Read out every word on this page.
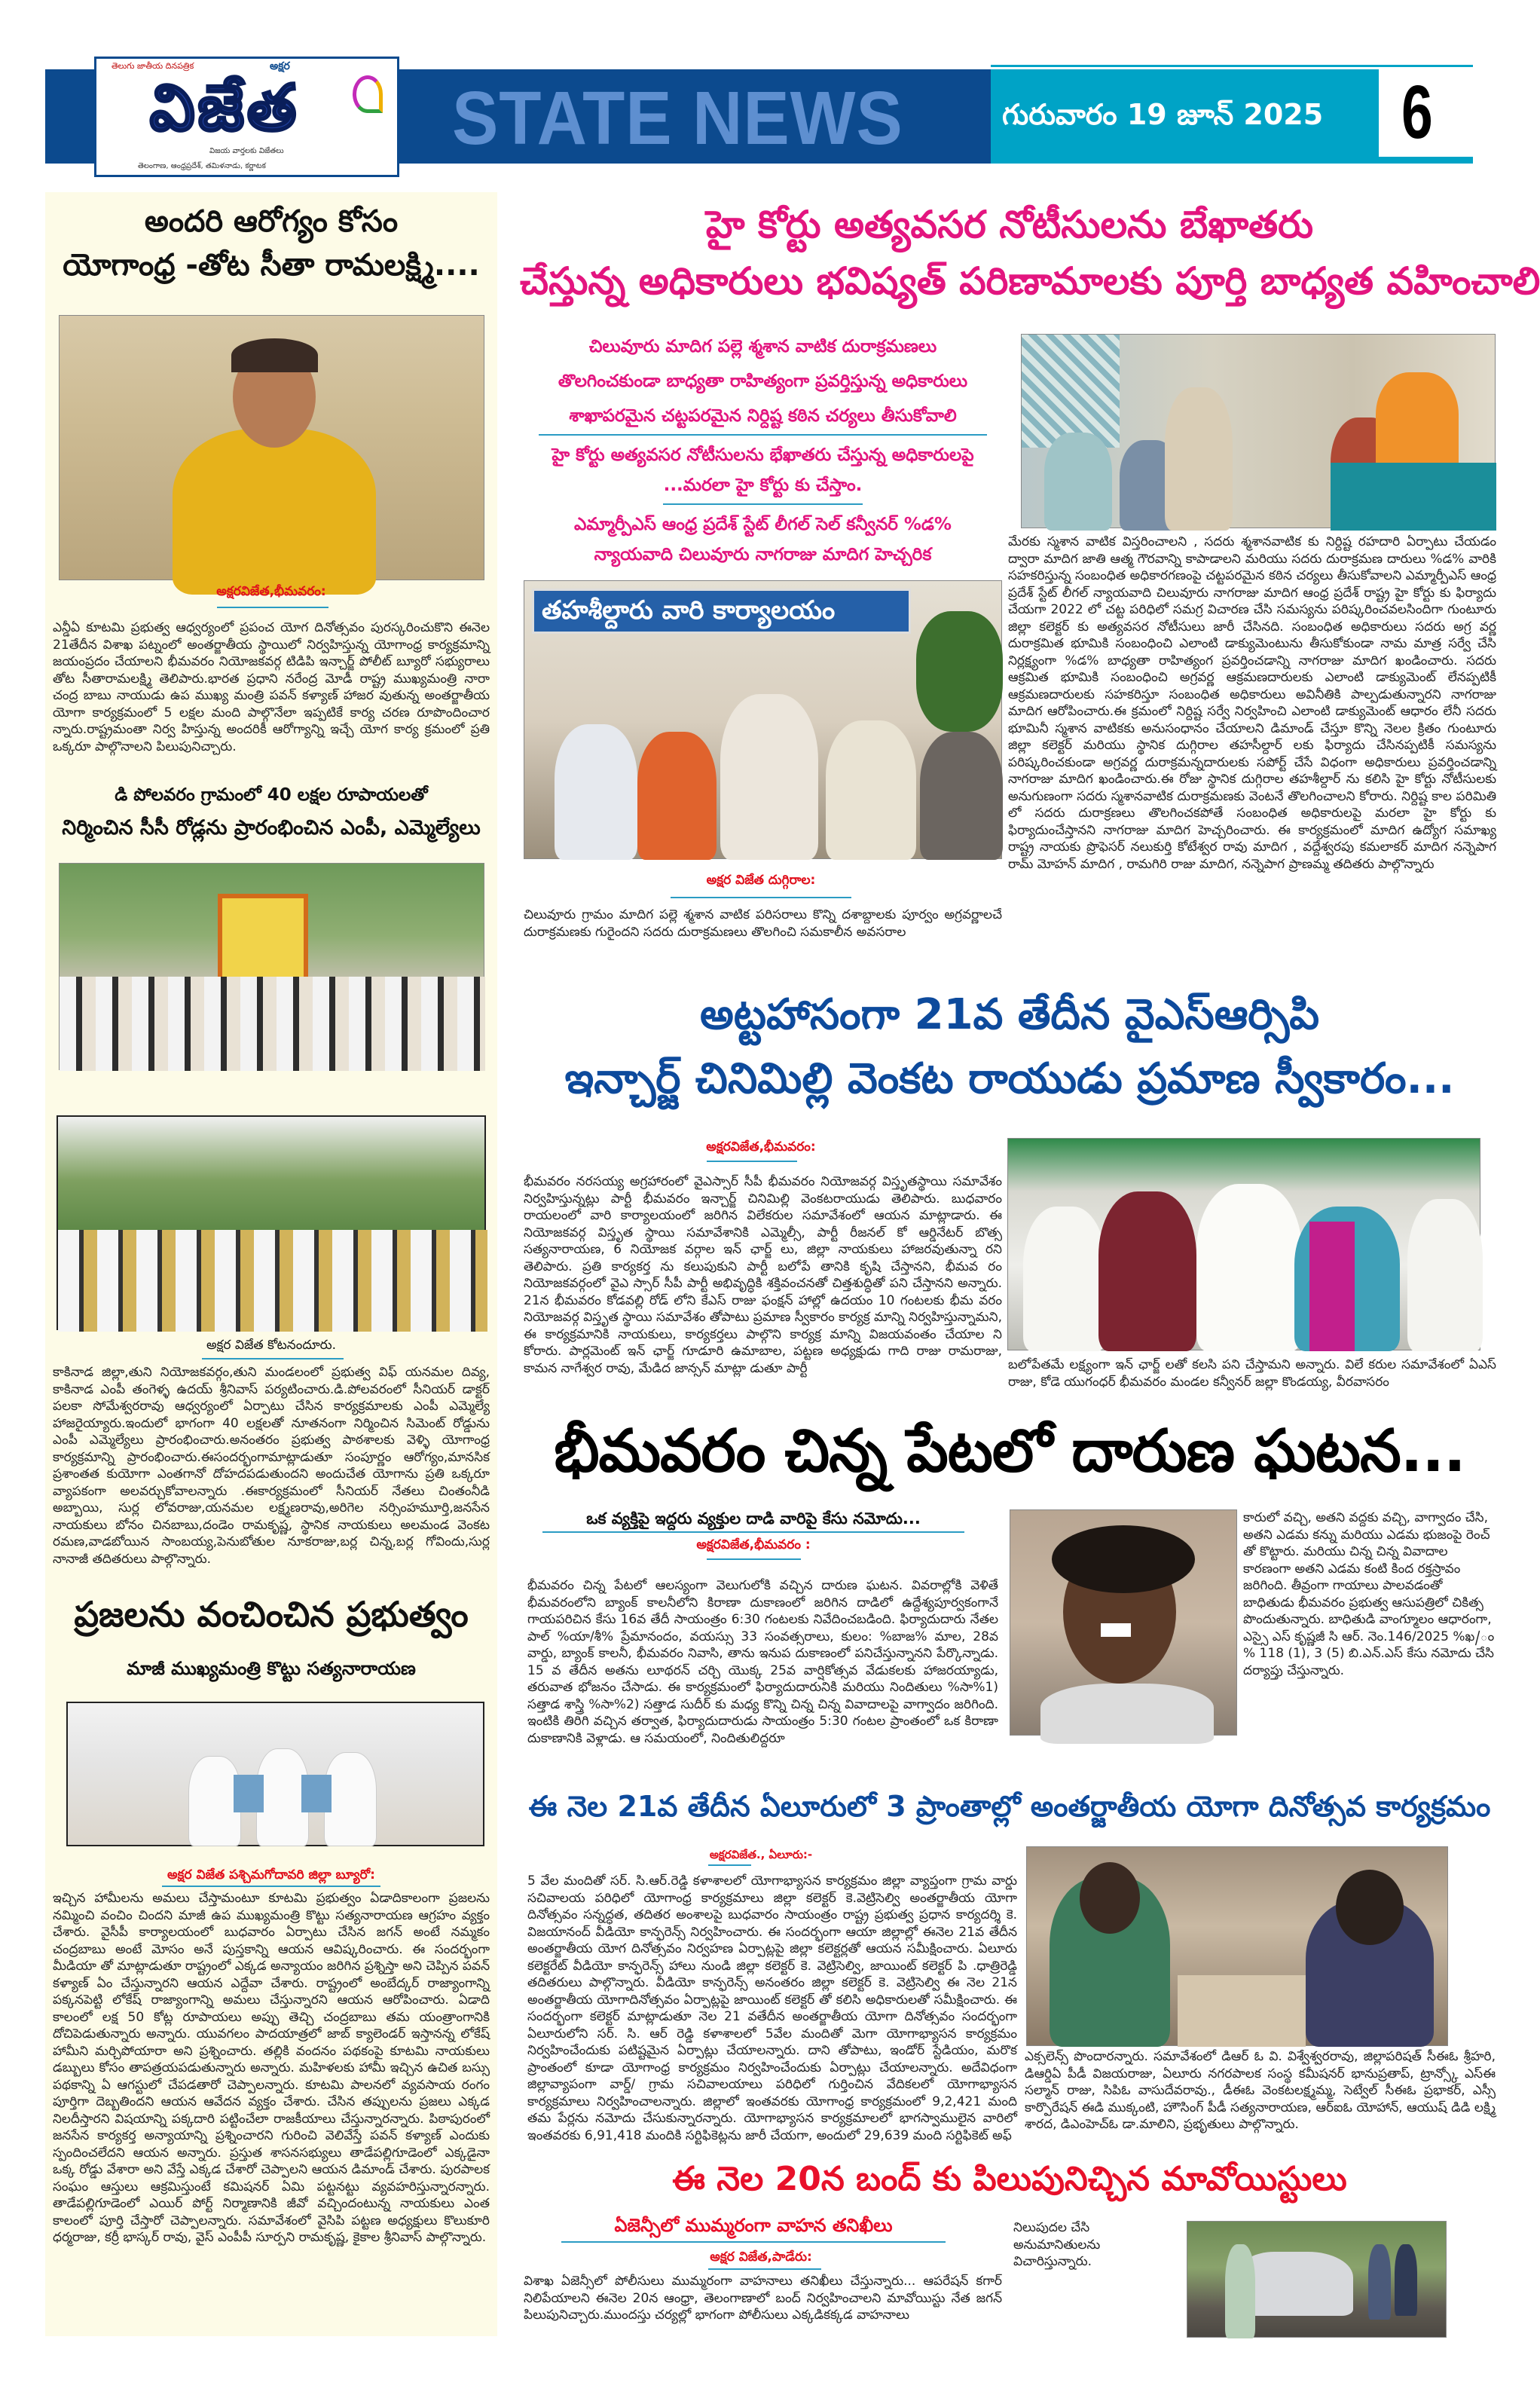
తెలుగు జాతీయ దినపత్రిక	అక్షర
విజేత
విజయ వార్తలకు విజేతలు
తెలంగాణ, ఆంధ్రప్రదేశ్, తమిళనాడు, కర్ణాటక
STATE NEWS	గురువారం 19 జూన్ 2025 6
అందరి ఆరోగ్యం కోసం
యోగాంధ్ర -తోట సీతా రామలక్ష్మి....
అక్షరవిజేత,భీమవరం:
ఎన్డీఏ కూటమి ప్రభుత్వ ఆధ్వర్యంలో ప్రపంచ యోగ దినోత్సవం పురస్కరించుకొని ఈనెల 21తేదీన విశాఖ పట్నంలో అంతర్జాతీయ స్థాయిలో నిర్వహిస్తున్న యోగాంధ్ర కార్యక్రమాన్ని జయంప్రదం చేయాలని భీమవరం నియోజకవర్గ టిడిపి ఇన్చార్జ్ పోలీట్ బ్యూరో సభ్యురాలు తోట సీతారామలక్ష్మి తెలిపారు.భారత ప్రధాని నరేంద్ర మోడీ రాష్ట్ర ముఖ్యమంత్రి నారా చంద్ర బాబు నాయుడు ఉప ముఖ్య మంత్రి పవన్ కళ్యాణ్ హాజర వుతున్న అంతర్జాతీయ యోగా కార్యక్రమంలో 5 లక్షల మంది పాల్గొనేలా ఇప్పటికే కార్య చరణ రూపొందించార న్నారు.రాష్ట్రమంతా నిర్వ హిస్తున్న అందరికీ ఆరోగ్యాన్ని ఇచ్చే యోగ కార్య క్రమంలో ప్రతి ఒక్కరూ పాల్గొనాలని పిలుపునిచ్చారు.
డి పోలవరం గ్రామంలో 40 లక్షల రూపాయలతో
నిర్మించిన సీసీ రోడ్లను ప్రారంభించిన ఎంపీ, ఎమ్మెల్యేలు
అక్షర విజేత కోటనందూరు.
కాకినాడ జిల్లా,తుని నియోజకవర్గం,తుని మండలంలో ప్రభుత్వ విఫ్ యనమల దివ్య, కాకినాడ ఎంపీ తంగెళ్ళ ఉదయ్ శ్రీనివాస్ పర్యటించారు.డి.పోలవరంలో సీనియర్ డాక్టర్ పలకా సోమేశ్వరరావు ఆధ్వర్యంలో ఏర్పాటు చేసిన కార్యక్రమాలకు ఎంపీ ఎమ్మెల్యే హాజరైయ్యారు.ఇందులో భాగంగా 40 లక్షలతో నూతనంగా నిర్మించిన సిమెంట్ రోడ్డును ఎంపీ ఎమ్మెల్యేలు ప్రారంభించారు.అనంతరం ప్రభుత్వ పాఠశాలకు వెళ్ళి యోగాంధ్ర కార్యక్రమాన్ని ప్రారంభించారు.ఈసందర్భంగామాట్లాడుతూ సంపూర్ణం ఆరోగ్యం,మానసిక ప్రశాంతత కుయోగా ఎంతగానో దోహదపడుతుందని అందుచేత యోగాను ప్రతి ఒక్కరూ వ్యాపకంగా అలవర్చుకోవాలన్నారు .ఈకార్యక్రమంలో సీనియర్ నేతలు చింతంనీడి అబ్బాయి, సుర్ల లోవరాజు,యనమల లక్ష్మణరావు,అరిగెల నర్సింహమూర్తి,జనసేన నాయకులు బోనం చినబాబు,దండెం రామకృష్ణ, స్థానిక నాయకులు అలమండ వెంకట రమణ,వాడబోయిన సాంబయ్య,పెనుబోతుల నూకరాజు,బర్ల చిన్న,బర్ల గోవిందు,సుర్ల నానాజీ తదితరులు పాల్గొన్నారు.
ప్రజలను వంచించిన ప్రభుత్వం
మాజీ ముఖ్యమంత్రి కొట్టు సత్యనారాయణ
అక్షర విజేత పశ్చిమగోదావరి జిల్లా బ్యూరో:
ఇచ్చిన హామీలను అమలు చేస్తామంటూ కూటమి ప్రభుత్వం ఏడాదికాలంగా ప్రజలను నమ్మించి వంచిం చిందని మాజీ ఉప ముఖ్యమంత్రి కొట్టు సత్యనారాయణ ఆగ్రహం వ్యక్తం చేశారు. వైసీపీ కార్యాలయంలో బుధవారం ఏర్పాటు చేసిన జగన్ అంటే నమ్మకం చంద్రబాబు అంటే మోసం అనే పుస్తకాన్ని ఆయన ఆవిష్కరించారు. ఈ సందర్భంగా మీడియా తో మాట్లాడుతూ రాష్ట్రంలో ఎక్కడ అన్యాయం జరిగిన ప్రశ్నిస్తా అని చెప్పిన పవన్ కళ్యాణ్ ఏం చేస్తున్నారని ఆయన ఎద్దేవా చేశారు. రాష్ట్రంలో అంబేద్కర్ రాజ్యాంగాన్ని పక్కనపెట్టి లోకేష్ రాజ్యాంగాన్ని అమలు చేస్తున్నారని ఆయన ఆరోపించారు. ఏడాది కాలంలో లక్ష 50 కోట్ల రూపాయలు అప్పు తెచ్చి చంద్రబాబు తమ యంత్రాంగానికి దోచిపెడుతున్నారు అన్నారు. యువగలం పాదయాత్రలో జాబ్ క్యాలెండర్ ఇస్తానన్న లోకేష్ హామీని మర్చిపోయారా అని ప్రశ్నించారు. తల్లికి వందనం పథకంపై కూటమి నాయకులు డబ్బులు కోసం తాపత్రయపడుతున్నారు అన్నారు. మహిళలకు హామీ ఇచ్చిన ఉచిత బస్సు పథకాన్ని ఏ ఆగస్టులో చేపడతారో చెప్పాలన్నారు. కూటమి పాలనలో వ్యవసాయ రంగం పూర్తిగా దెబ్బతిందని ఆయన ఆవేదన వ్యక్తం చేశారు. చేసిన తప్పులను ప్రజలు ఎక్కడ నిలదీస్తారని విషయాన్ని పక్కదారి పట్టించేలా రాజకీయాలు చేస్తున్నారన్నారు. పిఠాపురంలో జనసేన కార్యకర్త అన్యాయాన్ని ప్రశ్నించారని గురించి వెలివేస్తే పవన్ కళ్యాణ్ ఎందుకు స్పందించలేదని ఆయన అన్నారు. ప్రస్తుత శాసనసభ్యులు తాడేపల్లిగూడెంలో ఎక్కడైనా ఒక్క రోడ్డు వేశారా అని వేస్తే ఎక్కడ చేశారో చెప్పాలని ఆయన డిమాండ్ చేశారు. పురపాలక సంఘం ఆస్తులు ఆక్రమిస్తుంటే కమిషనర్ ఏమి పట్టనట్టు వ్యవహరిస్తున్నారన్నారు. తాడేపల్లిగూడెంలో ఎయిర్ పోర్ట్ నిర్మాణానికి జీవో వచ్చిందంటున్న నాయకులు ఎంత కాలంలో పూర్తి చేస్తారో చెప్పాలన్నారు. సమావేశంలో వైసిపి పట్టణ అధ్యక్షులు కొలుకూరి ధర్మరాజు, కర్రీ భాస్కర్ రావు, వైస్ ఎంపీపీ సూర్పని రామకృష్ణ, కైకాల శ్రీనివాస్ పాల్గొన్నారు.
హై కోర్టు అత్యవసర నోటీసులను బేఖాతరు
చేస్తున్న అధికారులు భవిష్యత్ పరిణామాలకు పూర్తి బాధ్యత వహించాలి
చిలువూరు మాదిగ పల్లె శ్మశాన వాటిక దురాక్రమణలు
తొలగించకుండా బాధ్యతా రాహిత్యంగా ప్రవర్తిస్తున్న అధికారులు
శాఖాపరమైన చట్టపరమైన నిర్దిష్ట కఠిన చర్యలు తీసుకోవాలి
హై కోర్టు అత్యవసర నోటీసులను భేఖాతరు చేస్తున్న అధికారులపై
...మరలా హై కోర్టు కు చేస్తాం.
ఎమ్మార్పీఎస్ ఆంధ్ర ప్రదేశ్ స్టేట్ లీగల్ సెల్ కన్వీనర్ %డ%
న్యాయవాది చిలువూరు నాగరాజు మాదిగ హెచ్చరిక
తహశీల్దారు వారి కార్యాలయం
అక్షర విజేత దుగ్గిరాల:
చిలువూరు గ్రామం మాదిగ పల్లె శ్మశాన వాటిక పరిసరాలు కొన్ని దశాబ్దాలకు పూర్వం అగ్రవర్ణాలచే దురాక్రమణకు గురైందని సదరు దురాక్రమణలు తొలగించి సమకాలీన అవసరాల
మేరకు స్మశాన వాటిక విస్తరించాలని , సదరు శ్మశానవాటిక కు నిర్దిష్ట రహదారి ఏర్పాటు చేయడం ద్వారా మాదిగ జాతి ఆత్మ గౌరవాన్ని కాపాడాలని మరియు సదరు దురాక్రమణ దారులు %డ% వారికి సహకరిస్తున్న సంబంధిత అధికారగణంపై చట్టపరమైన కఠిన చర్యలు తీసుకోవాలని ఎమ్మార్పీఎస్ ఆంధ్ర ప్రదేశ్ స్టేట్ లీగల్ న్యాయవాది చిలువూరు నాగరాజు మాదిగ ఆంధ్ర ప్రదేశ్ రాష్ట్ర హై కోర్టు కు ఫిర్యాదు చేయగా 2022 లో చట్ట పరిధిలో సమగ్ర విచారణ చేసి సమస్యను పరిష్కరించవలసిందిగా గుంటూరు జిల్లా కలెక్టర్ కు అత్యవసర నోటీసులు జారీ చేసినది. సంబంధిత అధికారులు సదరు అగ్ర వర్ణ దురాక్రమిత భూమికి సంబంధించి ఎలాంటి డాక్యుమెంటును తీసుకోకుండా నామ మాత్ర సర్వే చేసి నిర్లక్ష్యంగా %డ% బాధ్యతా రాహిత్యంగ ప్రవర్తించడాన్ని నాగరాజు మాదిగ ఖండించారు. సదరు ఆక్రమిత భూమికి సంబంధించి అగ్రవర్ణ ఆక్రమణదారులకు ఎలాంటి డాక్యుమెంట్ లేనప్పటికీ ఆక్రమణదారులకు సహకరిస్తూ సంబంధిత అధికారులు అవినీతికి పాల్పడుతున్నారని నాగరాజు మాదిగ ఆరోపించారు.ఈ క్రమంలో నిర్దిష్ట సర్వే నిర్వహించి ఎలాంటి డాక్యుమెంట్ ఆధారం లేనీ సదరు భూమినీ స్మశాన వాటికకు అనుసంధానం చేయాలని డిమాండ్ చేస్తూ కొన్ని నెలల క్రితం గుంటూరు జిల్లా కలెక్టర్ మరియు స్థానిక దుగ్గిరాల తహసీల్దార్ లకు ఫిర్యాదు చేసినప్పటికీ సమస్యను పరిష్కరించకుండా అగ్రవర్ణ దురాక్రమన్నదారులకు సపోర్ట్ చేసే విధంగా అధికారులు ప్రవర్తించడాన్ని నాగరాజు మాదిగ ఖండించారు.ఈ రోజు స్థానిక దుగ్గిరాల తహశీల్దార్ ను కలిసి హై కోర్టు నోటీసులకు అనుగుణంగా సదరు స్మశానవాటిక దురాక్రమణకు వెంటనే తొలగించాలని కోరారు. నిర్దిష్ట కాల పరిమితి లో సదరు దురాక్రణలు తొలగించకపోతే సంబంధిత అధికారులపై మరలా హై కోర్టు కు ఫిర్యాదుంచేస్తానని నాగరాజు మాదిగ హెచ్చరించారు. ఈ కార్యక్రమంలో మాదిగ ఉద్యోగ సమాఖ్య రాష్ట్ర నాయకు ప్రొఫెసర్ నలుకుర్తి కోటేశ్వర రావు మాదిగ , వద్దేశ్వరపు కమలాకర్ మాదిగ నన్నెపాగ రామ్ మోహన్ మాదిగ , రామగిరి రాజు మాదిగ, నన్నెపాగ ప్రాణమ్మ తదితరు పాల్గొన్నారు
అట్టహాసంగా 21వ తేదీన వైఎస్ఆర్సిపి
ఇన్చార్జ్ చినిమిల్లి వెంకట రాయుడు ప్రమాణ స్వీకారం...
అక్షరవిజేత,భీమవరం:
భీమవరం నరసయ్య అగ్రహారంలో వైఎస్సార్ సీపీ భీమవరం నియోజవర్గ విస్తృతస్థాయి సమావేశం నిర్వహిస్తున్నట్లు పార్టీ భీమవరం ఇన్చార్జ్ చినిమిల్లి వెంకటరాయుడు తెలిపారు. బుధవారం రాయలంలో వారి కార్యాలయంలో జరిగిన విలేకరుల సమావేశంలో ఆయన మాట్లాడారు. ఈ నియోజకవర్గ విస్తృత స్థాయి సమావేశానికి ఎమ్మెల్సీ, పార్టీ రీజనల్ కో ఆర్డినేటర్ బొత్స సత్యనారాయణ, 6 నియోజక వర్గాల ఇన్ ఛార్జ్ లు, జిల్లా నాయకులు హాజరవుతున్నా రని తెలిపారు. ప్రతి కార్యకర్త ను కలుపుకుని పార్టీ బలోపే తానికి కృషి చేస్తానని, భీమవ రం నియోజకవర్గంలో వైఎ స్సార్ సీపీ పార్టీ అభివృద్ధికి శక్తివంచనతో చిత్తశుద్ధితో పని చేస్తానని అన్నారు. 21న భీమవరం కోడవల్లి రోడ్ లోని కేఎస్ రాజు ఫంక్షన్ హాల్లో ఉదయం 10 గంటలకు భీమ వరం నియోజవర్గ విస్తృత స్థాయి సమావేశం తోపాటు ప్రమాణ స్వీకారం కార్యక్ర మాన్ని నిర్వహిస్తున్నామని, ఈ కార్యక్రమానికి నాయకులు, కార్యకర్తలు పాల్గొని కార్యక్ర మాన్ని విజయవంతం చేయాల ని కోరారు. పార్లమెంట్ ఇన్ ఛార్జ్ గూడూరి ఉమాబాల, పట్టణ అధ్యక్షుడు గాది రాజు రామరాజు, కామన నాగేశ్వర రావు, మేడిద జాన్సన్ మాట్లా డుతూ పార్టీ	బలోపేతమే లక్ష్యంగా ఇన్ ఛార్జ్ లతో కలసి పని చేస్తామని అన్నారు. విలే కరుల సమావేశంలో ఏఎస్ రాజు, కోడె యుగంధర్ భీమవరం మండల కన్వీనర్ జల్లా కొండయ్య, వీరవాసరం
భీమవరం చిన్న పేటలో దారుణ ఘటన...
ఒక వ్యక్తిపై ఇద్దరు వ్యక్తుల దాడి వారిపై కేసు నమోదు...
అక్షరవిజేత,భీమవరం :
భీమవరం చిన్న పేటలో ఆలస్యంగా వెలుగులోకి వచ్చిన దారుణ ఘటన. వివరాల్లోకి వెళితే భీమవరంలోని బ్యాంక్ కాలనీలోని కిరాణా దుకాణంలో జరిగిన దాడిలో ఉద్దేశ్యపూర్వకంగానే గాయపరిచిన కేసు 16వ తేదీ సాయంత్రం 6:30 గంటలకు నివేదించబడింది. ఫిర్యాదుదారు నేతల పాల్ %యా/శీ% ప్రేమానందం, వయస్సు 33 సంవత్సరాలు, కులం: %బాజ% మాల, 28వ వార్డు, బ్యాంక్ కాలనీ, భీమవరం నివాసి, తాను ఇనుప దుకాణంలో పనిచేస్తున్నానని పేర్కొన్నాడు. 15 వ తేదీన అతను లూథరన్ చర్చి యొక్క 25వ వార్షికోత్సవ వేడుకలకు హాజరయ్యాడు, తరువాత భోజనం చేసాడు. ఈ కార్యక్రమంలో ఫిర్యాదుదారునికి మరియు నిందితులు %సా%1) సత్తాడ శాస్త్రి %సా%2) సత్తాడ సుదీర్ కు మధ్య కొన్ని చిన్న చిన్న వివాదాలపై వాగ్వాదం జరిగింది. ఇంటికి తిరిగి వచ్చిన తర్వాత, ఫిర్యాదుదారుడు సాయంత్రం 5:30 గంటల ప్రాంతంలో ఒక కిరాణా దుకాణానికి వెళ్లాడు. ఆ సమయంలో, నిందితులిద్దరూ
కారులో వచ్చి, అతని వద్దకు వచ్చి, వాగ్వాదం చేసి, అతని ఎడమ కన్ను మరియు ఎడమ భుజంపై రెంచ్ తో కొట్టారు. మరియు చిన్న చిన్న వివాదాల కారణంగా అతని ఎడమ కంటి కింద రక్తస్రావం జరిగింది. తీవ్రంగా గాయాలు పాలవడంతో బాధితుడు భీమవరం ప్రభుత్వ ఆసుపత్రిలో చికిత్స పొందుతున్నారు. బాధితుడి వాంగ్మూలం ఆధారంగా, ఎస్సై ఎస్ కృష్ణజీ సి ఆర్. నెం.146/2025 %ఖ/ం% 118 (1), 3 (5) బి.ఎన్.ఎస్ కేసు నమోదు చేసి దర్యాప్తు చేస్తున్నారు.
ఈ నెల 21వ తేదీన ఏలూరులో 3 ప్రాంతాల్లో అంతర్జాతీయ యోగా దినోత్సవ కార్యక్రమం
అక్షరవిజేత., ఏలూరు:-
5 వేల మందితో సర్. సి.ఆర్.రెడ్డి కళాశాలలో యోగాభ్యాసన కార్యక్రమం జిల్లా వ్యాప్తంగా గ్రామ వార్డు సచివాలయ పరిధిలో యోగాంధ్ర కార్యక్రమాలు జిల్లా కలెక్టర్ కె.వెట్రిసెల్వి అంతర్జాతీయ యోగా దినోత్సవం సన్నద్ధత, తదితర అంశాలపై బుధవారం సాయంత్రం రాష్ట్ర ప్రభుత్వ ప్రధాన కార్యదర్శి కె. విజయానంద్ వీడియో కాన్ఫరెన్స్ నిర్వహించారు. ఈ సందర్భంగా ఆయా జిల్లాల్లో ఈనెల 21వ తేదీన అంతర్జాతీయ యోగ దినోత్సవం నిర్వహణ ఏర్పాట్లపై జిల్లా కలెక్టర్లతో ఆయన సమీక్షించారు. ఏలూరు కలెక్టరేట్ వీడియో కాన్ఫరెన్స్ హాలు నుండి జిల్లా కలెక్టర్ కె. వెట్రిసెల్వి, జాయింట్ కలెక్టర్ పి .ధాత్రిరెడ్డి తదితరులు పాల్గొన్నారు. వీడియో కాన్ఫరెన్స్ అనంతరం జిల్లా కలెక్టర్ కె. వెట్రిసెల్వి ఈ నెల 21న అంతర్జాతీయ యోగాదినోత్సవం ఏర్పాట్లపై జాయింట్ కలెక్టర్ తో కలిసి అధికారులతో సమీక్షించారు. ఈ సందర్భంగా కలెక్టర్ మాట్లాడుతూ నెల 21 వతేదీన అంతర్జాతీయ యోగా దినోత్సవం సందర్భంగా ఏలూరులోని సర్. సి. ఆర్ రెడ్డి కళాశాలలో 5వేల మందితో మెగా యోగాభ్యాసన కార్యక్రమం నిర్వహించేందుకు పటిష్టమైన ఏర్పాట్లు చేయాలన్నారు. దాని తోపాటు, ఇండోర్ స్టేడియం, మరొక ప్రాంతంలో కూడా యోగాంధ్ర కార్యక్రమం నిర్వహించేందుకు ఏర్పాట్లు చేయాలన్నారు. అదేవిధంగా జిల్లావ్యాపంగా వార్డ్/ గ్రామ సచివాలయాలు పరిధిలో గుర్తించిన వేదికలలో యోగాభ్యాసన కార్యక్రమాలు నిర్వహించాలన్నారు. జిల్లాలో ఇంతవరకు యోగాంధ్ర కార్యక్రమంలో 9,2,421 మంది తమ పేర్లను నమోదు చేసుకున్నారన్నారు. యోగాభ్యాసన కార్యక్రమాలలో భాగస్వాములైన వారిలో ఇంతవరకు 6,91,418 మందికి సర్టిఫికెట్లను జారీ చేయగా, అందులో 29,639 మంది సర్టిఫికెట్ అఫ్
ఎక్సలెన్స్ పొందారన్నారు. సమావేశంలో డిఆర్ ఓ వి. విశ్వేశ్వరరావు, జిల్లాపరిషత్ సీఈఓ శ్రీహరి, డిఆర్డిఏ పీడీ విజయరాజు, ఏలూరు నగరపాలక సంస్థ కమీషనర్ భానుప్రతాప్, ట్రాన్స్కో ఎస్ఈ సల్మాన్ రాజు, సిపిఓ వాసుదేవరావు., డీఈఓ వెంకటలక్ష్మమ్మ, సెట్వేల్ సీఈఓ ప్రభాకర్, ఎస్సీ కార్పొరేషన్ ఈడి ముక్కంటి, హౌసింగ్ పీడీ సత్యనారాయణ, ఆర్ఐఓ యోహాన్, ఆయుష్ డిడి లక్ష్మి శారద, డిఎంహెచ్ఓ డా.మాలిని, ప్రభృతులు పాల్గొన్నారు.
ఈ నెల 20న బంద్ కు పిలుపునిచ్చిన మావోయిస్టులు
ఏజెన్సీలో ముమ్మరంగా వాహన తనిఖీలు
అక్షర విజేత,పాడేరు:
విశాఖ ఏజెన్సీలో పోలీసులు ముమ్మరంగా వాహనాలు తనిఖీలు చేస్తున్నారు... ఆపరేషన్ కగార్ నిలిపేయాలని ఈనెల 20న ఆంధ్రా, తెలంగాణాలో బంద్ నిర్వహించాలని మావోయిస్టు నేత జగన్ పిలుపునిచ్చారు.ముందస్తు చర్యల్లో భాగంగా పోలీసులు ఎక్కడికక్కడ వాహనాలు
నిలుపుదల చేసి అనుమానితులను విచారిస్తున్నారు.
